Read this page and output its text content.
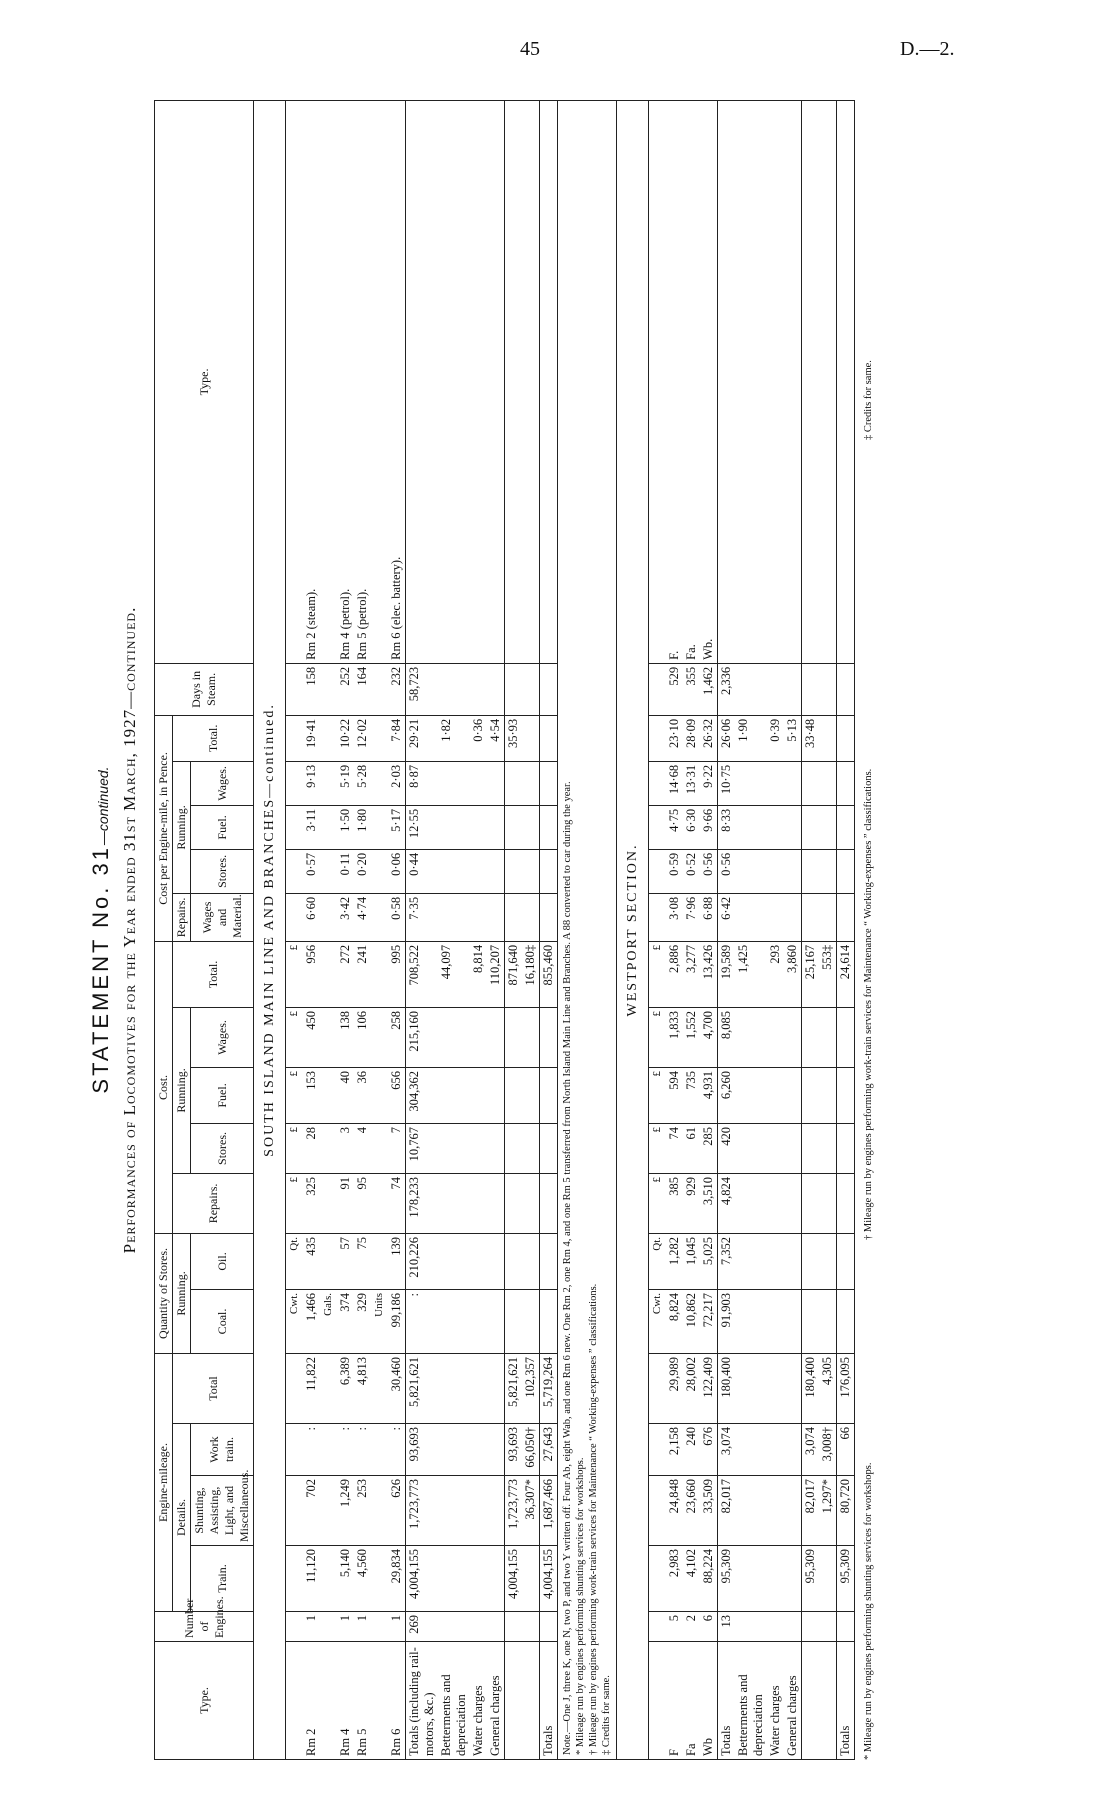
45	D.—2.
STATEMENT No. 31—continued. Performances of Locomotives for the Year ended 31st March, 1927—continued.
Type.	Number of Engines.	Engine-mileage.				Quantity of Stores.		Cost.					Cost per Engine-mile, in Pence.					Days in Steam.	Type.
		Details.			Total	Running.		Repairs.	Running.			Total.	Repairs.	Running.			Total.		
		Train.	Shunting, Assisting, Light, and Miscellaneous.	Work train.		Coal.	Oil.		Stores.	Fuel.	Wages.		Wages and Material.	Stores.	Fuel.	Wages.			
SOUTH ISLAND MAIN LINE AND BRANCHES—continued.																			
						Cwt.	Qt.	£	£	£	£	£							
Rm 2	1	11,120	702	:	11,822	1,466	435	325	28	153	450	956	6·60	0·57	3·11	9·13	19·41	158	Rm 2 (steam).
						Gals.													
Rm 4	1	5,140	1,249	:	6,389	374	57	91	3	40	138	272	3·42	0·11	1·50	5·19	10·22	252	Rm 4 (petrol).
Rm 5	1	4,560	253	:	4,813	329	75	95	4	36	106	241	4·74	0·20	1·80	5·28	12·02	164	Rm 5 (petrol).
						Units													
Rm 6	1	29,834	626	:	30,460	99,186	139	74	7	656	258	995	0·58	0·06	5·17	2·03	7·84	232	Rm 6 (elec. battery).
Totals (including rail-motors, &c.)	269	4,004,155	1,723,773	93,693	5,821,621	:	210,226	178,233	10,767	304,362	215,160	708,522	7·35	0·44	12·55	8·87	29·21	58,723	
Betterments and depreciation												44,097					1·82		
Water charges												8,814					0·36		
General charges												110,207					4·54		
		4,004,155	1,723,773	93,693	5,821,621							871,640					35·93		
			36,307*	66,050†	102,357							16,180‡							
Totals		4,004,155	1,687,466	27,643	5,719,264							855,460							

Note.—One J, three K, one N, two P, and two Y written off. Four Ab, eight Wab, and one Rm 6 new. One Rm 2, one Rm 4, and one Rm 5 transferred from North Island Main Line and Branches. A 88 converted to car during the year. * Mileage run by engines performing shunting services for workshops. † Mileage run by engines performing work-train services for Maintenance “ Working-expenses ” classifications. ‡ Credits for same.																			

WESTPORT SECTION.																			
						Cwt.	Qt.	£	£	£	£	£							
F	5	2,983	24,848	2,158	29,989	8,824	1,282	385	74	594	1,833	2,886	3·08	0·59	4·75	14·68	23·10	529	F.
Fa	2	4,102	23,660	240	28,002	10,862	1,045	929	61	735	1,552	3,277	7·96	0·52	6·30	13·31	28·09	355	Fa.
Wb	6	88,224	33,509	676	122,409	72,217	5,025	3,510	285	4,931	4,700	13,426	6·88	0·56	9·66	9·22	26·32	1,462	Wb.
Totals	13	95,309	82,017	3,074	180,400	91,903	7,352	4,824	420	6,260	8,085	19,589	6·42	0·56	8·33	10·75	26·06	2,336	
Betterments and depreciation												1,425					1·90		
Water charges												293					0·39		
General charges												3,860					5·13		
		95,309	82,017	3,074	180,400							25,167					33·48		
			1,297*	3,008†	4,305							553‡							
Totals		95,309	80,720	66	176,095							24,614							
* Mileage run by engines performing shunting services for workshops.
† Mileage run by engines performing work-train services for Maintenance “ Working-expenses ” classifications.
‡ Credits for same.
